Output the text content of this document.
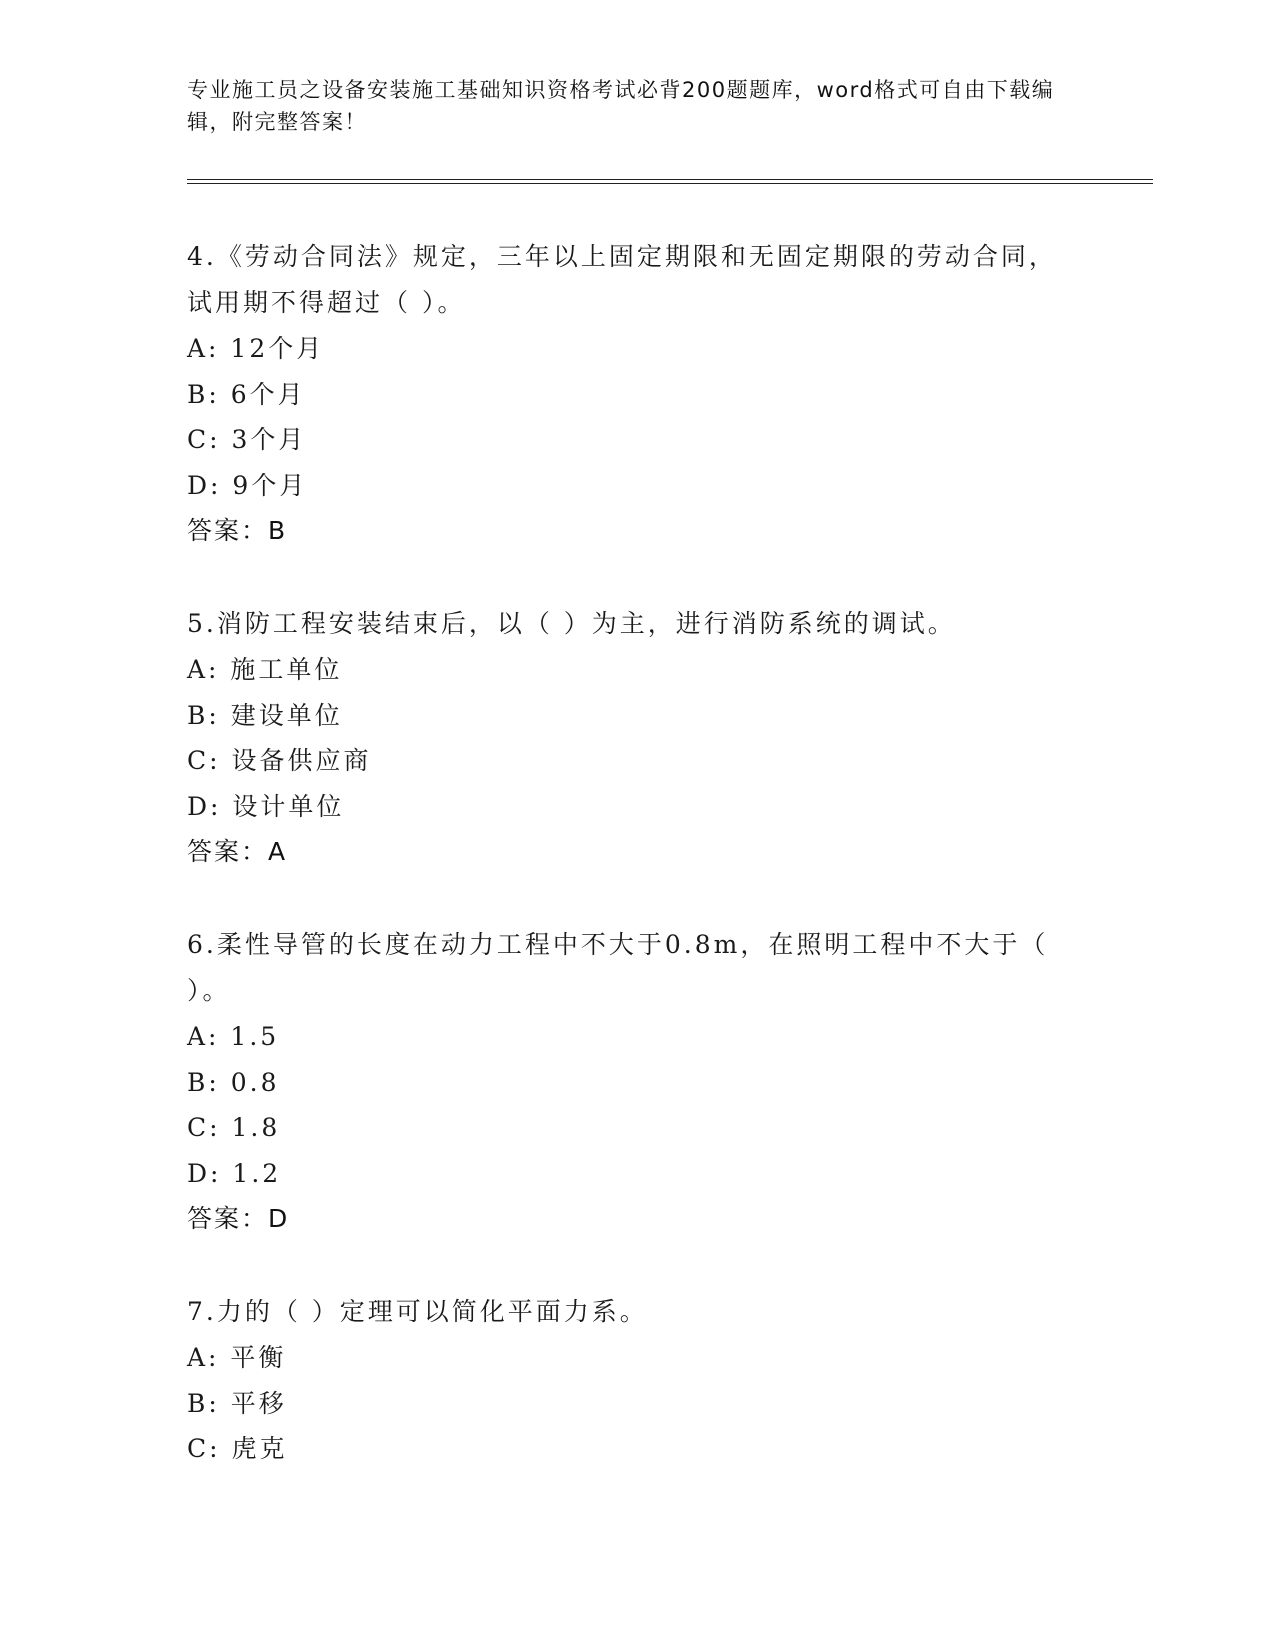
专业施工员之设备安装施工基础知识资格考试必背200题题库，word格式可自由下载编辑，附完整答案！
4.《劳动合同法》规定，三年以上固定期限和无固定期限的劳动合同，试用期不得超过（ ）。
A: 12个月
B: 6个月
C: 3个月
D: 9个月
答案：B
5.消防工程安装结束后，以（ ）为主，进行消防系统的调试。
A: 施工单位
B: 建设单位
C: 设备供应商
D: 设计单位
答案：A
6.柔性导管的长度在动力工程中不大于0.8m，在照明工程中不大于（ ）。
A: 1.5
B: 0.8
C: 1.8
D: 1.2
答案：D
7.力的（ ）定理可以简化平面力系。
A: 平衡
B: 平移
C: 虎克
